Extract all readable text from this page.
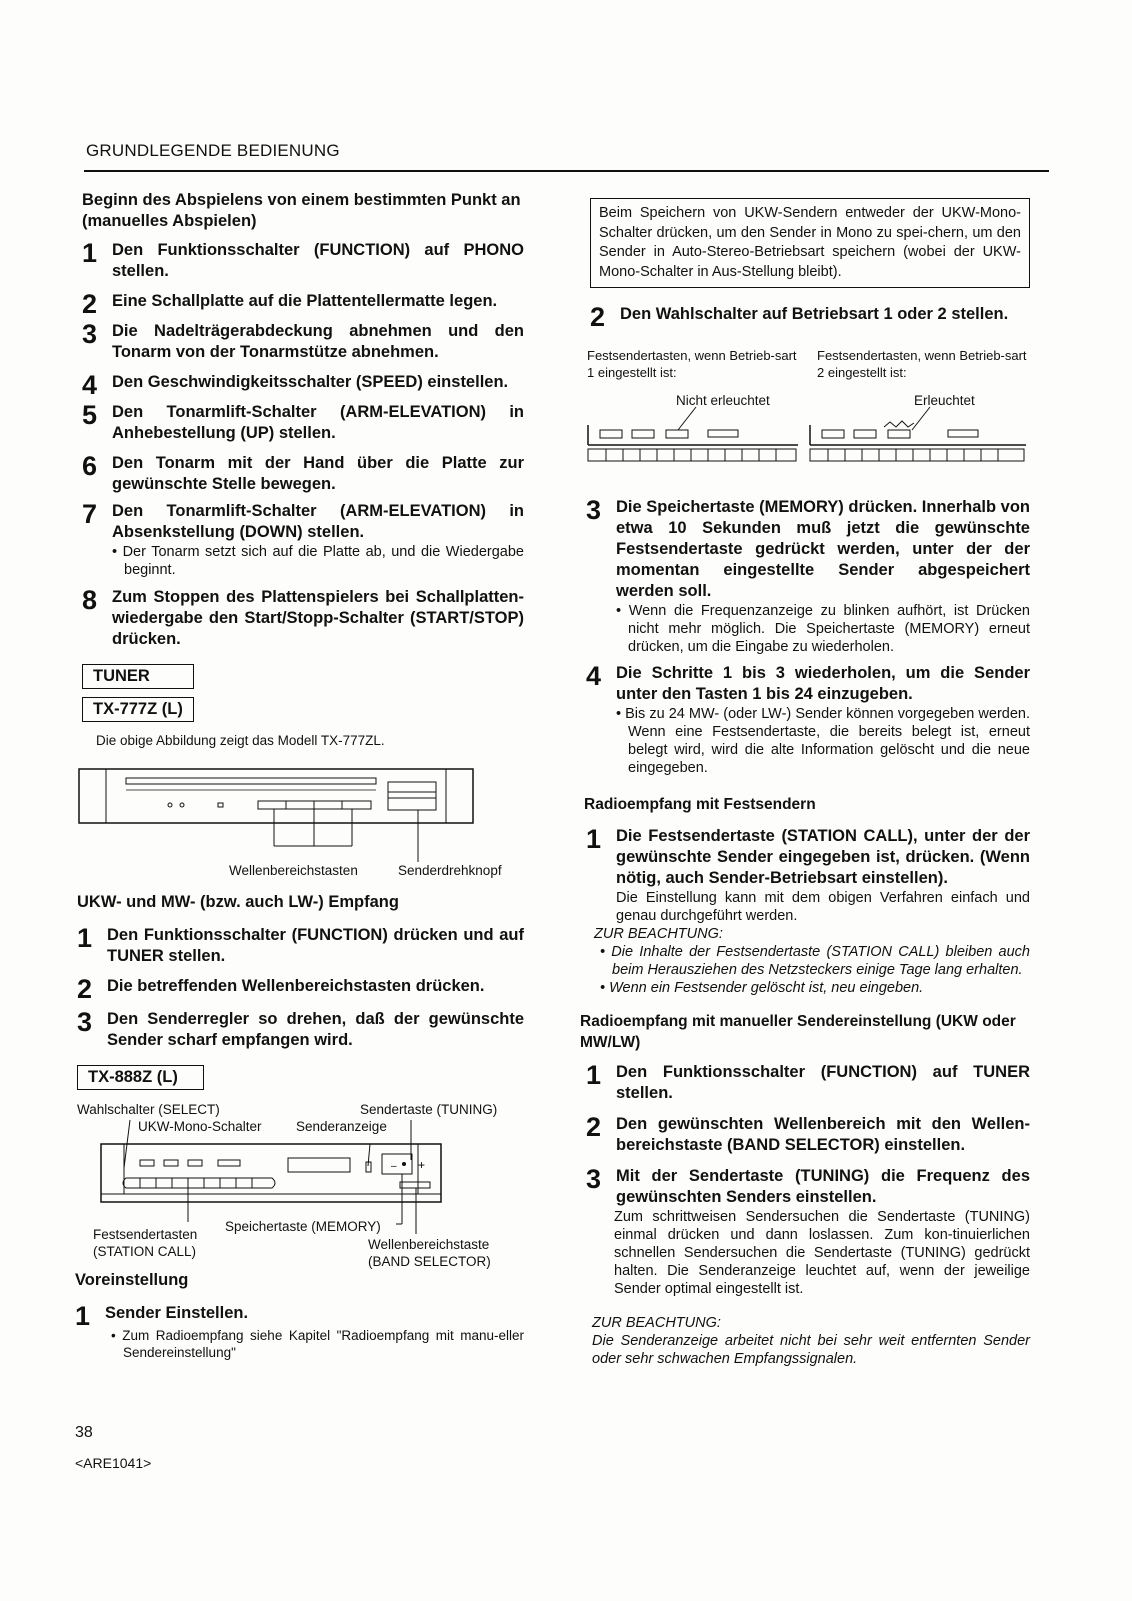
GRUNDLEGENDE BEDIENUNG
Beginn des Abspielens von einem bestimmten Punkt an (manuelles Abspielen)
1 Den Funktionsschalter (FUNCTION) auf PHONO stellen.
2 Eine Schallplatte auf die Plattentellermatte legen.
3 Die Nadelträgerabdeckung abnehmen und den Tonarm von der Tonarmstütze abnehmen.
4 Den Geschwindigkeitsschalter (SPEED) einstellen.
5 Den Tonarmlift-Schalter (ARM-ELEVATION) in Anhebestellung (UP) stellen.
6 Den Tonarm mit der Hand über die Platte zur gewünschte Stelle bewegen.
7 Den Tonarmlift-Schalter (ARM-ELEVATION) in Absenkstellung (DOWN) stellen.
• Der Tonarm setzt sich auf die Platte ab, und die Wiedergabe beginnt.
8 Zum Stoppen des Plattenspielers bei Schallplatten-wiedergabe den Start/Stopp-Schalter (START/STOP) drücken.
TUNER
TX-777Z (L)
Die obige Abbildung zeigt das Modell TX-777ZL.
Wellenbereichstasten	Senderdrehknopf
UKW- und MW- (bzw. auch LW-) Empfang
1 Den Funktionsschalter (FUNCTION) drücken und auf TUNER stellen.
2 Die betreffenden Wellenbereichstasten drücken.
3 Den Senderregler so drehen, daß der gewünschte Sender scharf empfangen wird.
TX-888Z (L)
Wahlschalter (SELECT)	Sendertaste (TUNING)
UKW-Mono-Schalter	Senderanzeige
– +
Festsendertasten
(STATION CALL)
Speichertaste (MEMORY)
Wellenbereichstaste
(BAND SELECTOR)
Voreinstellung
1 Sender Einstellen.
• Zum Radioempfang siehe Kapitel "Radioempfang mit manu-eller Sendereinstellung"
38
<ARE1041>
Beim Speichern von UKW-Sendern entweder der UKW-Mono-Schalter drücken, um den Sender in Mono zu spei-chern, um den Sender in Auto-Stereo-Betriebsart speichern (wobei der UKW-Mono-Schalter in Aus-Stellung bleibt).
2 Den Wahlschalter auf Betriebsart 1 oder 2 stellen.
Festsendertasten, wenn Betrieb-sart 1 eingestellt ist:
Festsendertasten, wenn Betrieb-sart 2 eingestellt ist:
Nicht erleuchtet	Erleuchtet
3 Die Speichertaste (MEMORY) drücken. Innerhalb von etwa 10 Sekunden muß jetzt die gewünschte Festsendertaste gedrückt werden, unter der der momentan eingestellte Sender abgespeichert werden soll.
• Wenn die Frequenzanzeige zu blinken aufhört, ist Drücken nicht mehr möglich. Die Speichertaste (MEMORY) erneut drücken, um die Eingabe zu wiederholen.
4 Die Schritte 1 bis 3 wiederholen, um die Sender unter den Tasten 1 bis 24 einzugeben.
• Bis zu 24 MW- (oder LW-) Sender können vorgegeben werden. Wenn eine Festsendertaste, die bereits belegt ist, erneut belegt wird, wird die alte Information gelöscht und die neue eingegeben.
Radioempfang mit Festsendern
1 Die Festsendertaste (STATION CALL), unter der der gewünschte Sender eingegeben ist, drücken. (Wenn nötig, auch Sender-Betriebsart einstellen).
Die Einstellung kann mit dem obigen Verfahren einfach und genau durchgeführt werden.
ZUR BEACHTUNG:
• Die Inhalte der Festsendertaste (STATION CALL) bleiben auch beim Herausziehen des Netzsteckers einige Tage lang erhalten.
• Wenn ein Festsender gelöscht ist, neu eingeben.
Radioempfang mit manueller Sendereinstellung (UKW oder MW/LW)
1 Den Funktionsschalter (FUNCTION) auf TUNER stellen.
2 Den gewünschten Wellenbereich mit den Wellen-bereichstaste (BAND SELECTOR) einstellen.
3 Mit der Sendertaste (TUNING) die Frequenz des gewünschten Senders einstellen.
Zum schrittweisen Sendersuchen die Sendertaste (TUNING) einmal drücken und dann loslassen. Zum kon-tinuierlichen schnellen Sendersuchen die Sendertaste (TUNING) gedrückt halten. Die Senderanzeige leuchtet auf, wenn der jeweilige Sender optimal eingestellt ist.
ZUR BEACHTUNG:
Die Senderanzeige arbeitet nicht bei sehr weit entfernten Sender oder sehr schwachen Empfangssignalen.
